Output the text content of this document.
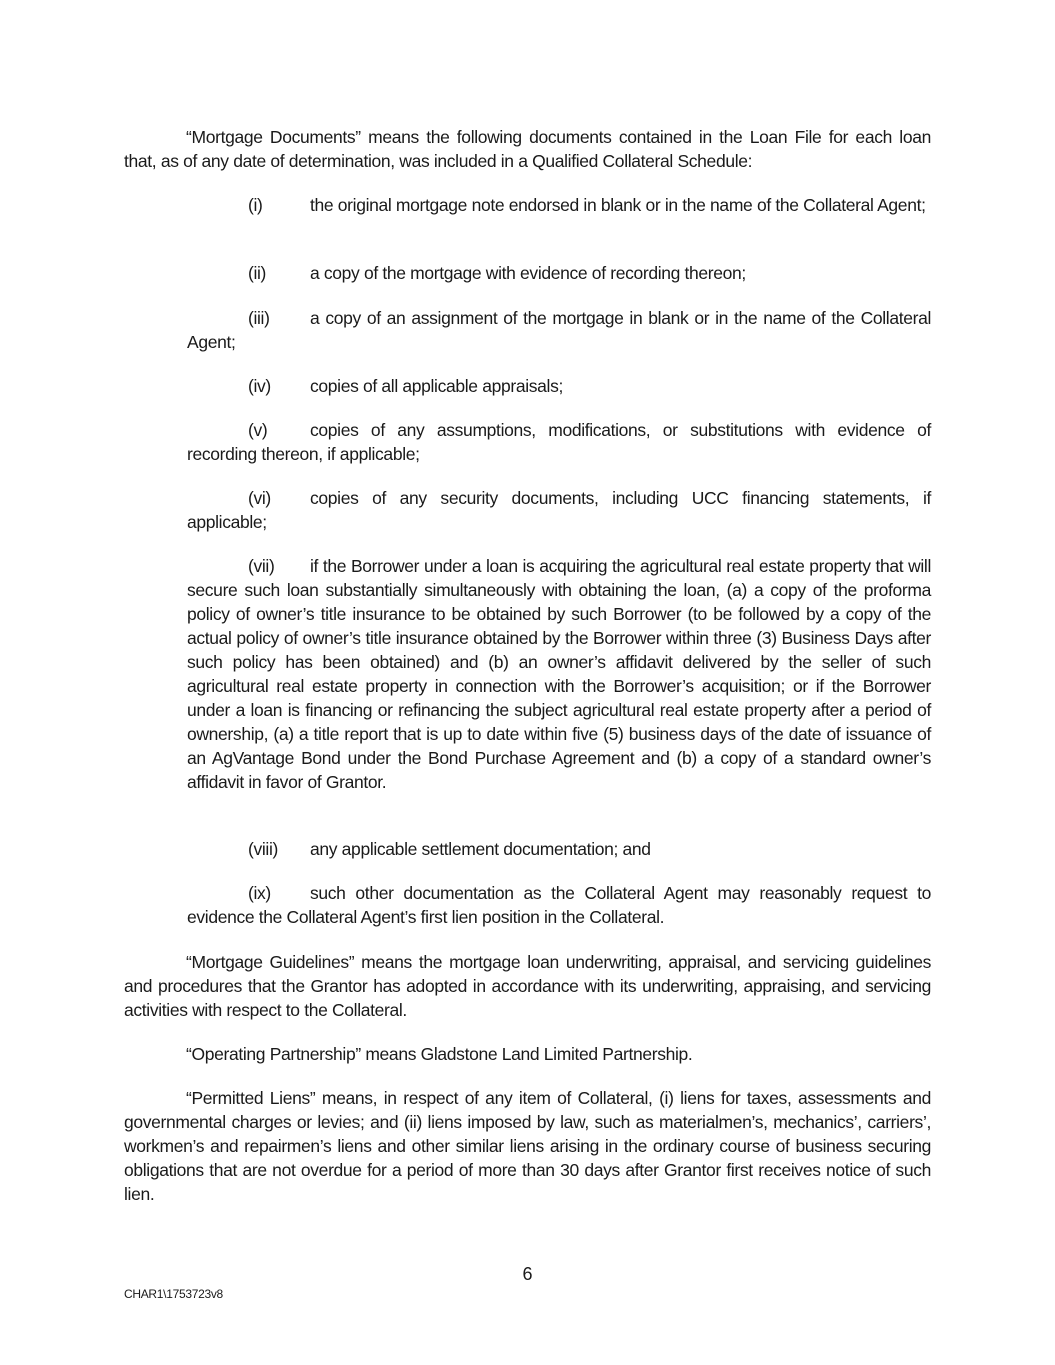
“Mortgage Documents” means the following documents contained in the Loan File for each loan that, as of any date of determination, was included in a Qualified Collateral Schedule:
(i)	the original mortgage note endorsed in blank or in the name of the Collateral Agent;
(ii)	a copy of the mortgage with evidence of recording thereon;
(iii) a copy of an assignment of the mortgage in blank or in the name of the Collateral Agent;
(iv) copies of all applicable appraisals;
(v) copies of any assumptions, modifications, or substitutions with evidence of recording thereon, if applicable;
(vi) copies of any security documents, including UCC financing statements, if applicable;
(vii) if the Borrower under a loan is acquiring the agricultural real estate property that will secure such loan substantially simultaneously with obtaining the loan, (a) a copy of the proforma policy of owner’s title insurance to be obtained by such Borrower (to be followed by a copy of the actual policy of owner’s title insurance obtained by the Borrower within three (3) Business Days after such policy has been obtained) and (b) an owner’s affidavit delivered by the seller of such agricultural real estate property in connection with the Borrower’s acquisition; or if the Borrower under a loan is financing or refinancing the subject agricultural real estate property after a period of ownership, (a) a title report that is up to date within five (5) business days of the date of issuance of an AgVantage Bond under the Bond Purchase Agreement and (b) a copy of a standard owner’s affidavit in favor of Grantor.
(viii) any applicable settlement documentation; and
(ix) such other documentation as the Collateral Agent may reasonably request to evidence the Collateral Agent’s first lien position in the Collateral.
“Mortgage Guidelines” means the mortgage loan underwriting, appraisal, and servicing guidelines and procedures that the Grantor has adopted in accordance with its underwriting, appraising, and servicing activities with respect to the Collateral.
“Operating Partnership” means Gladstone Land Limited Partnership.
“Permitted Liens” means, in respect of any item of Collateral, (i) liens for taxes, assessments and governmental charges or levies; and (ii) liens imposed by law, such as materialmen’s, mechanics’, carriers’, workmen’s and repairmen’s liens and other similar liens arising in the ordinary course of business securing obligations that are not overdue for a period of more than 30 days after Grantor first receives notice of such lien.
6
CHAR1\1753723v8
